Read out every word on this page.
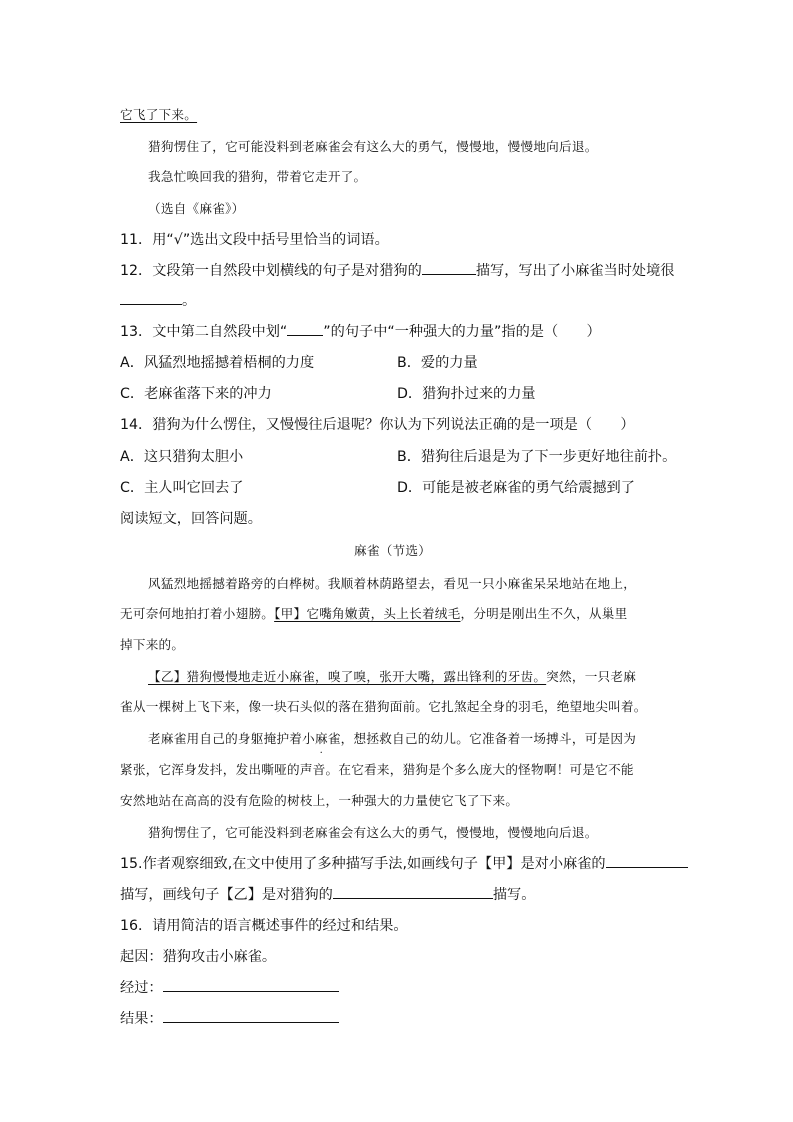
它飞了下来。
猎狗愣住了，它可能没料到老麻雀会有这么大的勇气，慢慢地，慢慢地向后退。
我急忙唤回我的猎狗，带着它走开了。
（选自《麻雀》）
11．用“√”选出文段中括号里恰当的词语。
12．文段第一自然段中划横线的句子是对猎狗的	描写，写出了小麻雀当时处境很
。
13．文中第二自然段中划“	”的句子中“一种强大的力量”指的是（　　）
A．风猛烈地摇撼着梧桐的力度	B．爱的力量
C．老麻雀落下来的冲力	D．猎狗扑过来的力量
14．猎狗为什么愣住，又慢慢往后退呢？你认为下列说法正确的是一项是（　　）
A．这只猎狗太胆小	B．猎狗往后退是为了下一步更好地往前扑。
C．主人叫它回去了	D．可能是被老麻雀的勇气给震撼到了
阅读短文，回答问题。
麻雀（节选）
风猛烈地摇撼着路旁的白桦树。我顺着林荫路望去，看见一只小麻雀呆呆地站在地上，
无可奈何地拍打着小翅膀。【甲】它嘴角嫩黄，头上长着绒毛，分明是刚出生不久，从巢里
掉下来的。
【乙】猎狗慢慢地走近小麻雀，嗅了嗅，张开大嘴，露出锋利的牙齿。突然，一只老麻
雀从一棵树上飞下来，像一块石头似的落在猎狗面前。它扎煞起全身的羽毛，绝望地尖叫着。
老麻雀用自己的身躯掩护着小麻雀，想拯救自己的幼儿。它准备着一场搏斗，可是因为
紧张，它浑身发抖，发出嘶哑的声音。在它看来，猎狗是个多么庞大的怪物啊！可是它不能
安然地站在高高的没有危险的树枝上，一种强大的力量使它飞了下来。
猎狗愣住了，它可能没料到老麻雀会有这么大的勇气，慢慢地，慢慢地向后退。
15.作者观察细致,在文中使用了多种描写手法,如画线句子【甲】是对小麻雀的
描写，画线句子【乙】是对猎狗的	描写。
16．请用简洁的语言概述事件的经过和结果。
起因：猎狗攻击小麻雀。
经过：
结果：
